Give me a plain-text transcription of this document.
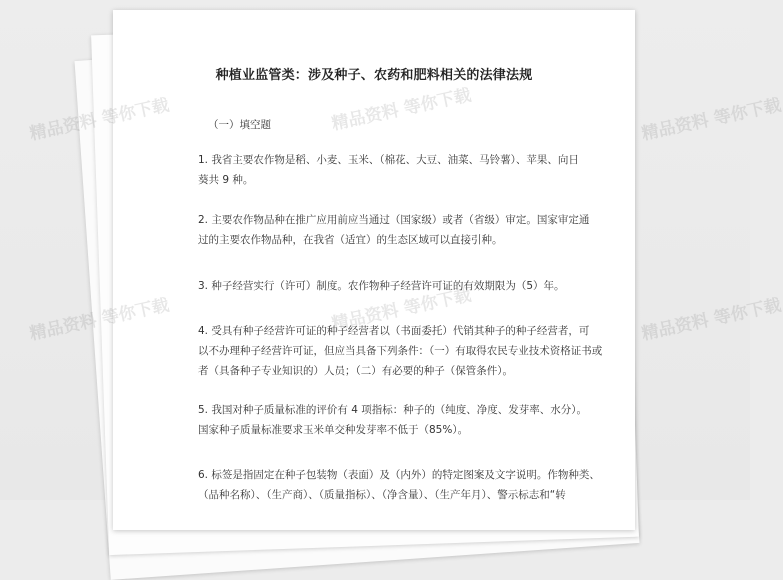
种植业监管类：涉及种子、农药和肥料相关的法律法规
（一）填空题

1. 我省主要农作物是稻、小麦、玉米、（棉花、大豆、油菜、马铃薯）、苹果、向日
葵共 9 种。

2. 主要农作物品种在推广应用前应当通过（国家级）或者（省级）审定。国家审定通
过的主要农作物品种，在我省（适宜）的生态区域可以直接引种。

3. 种子经营实行（许可）制度。农作物种子经营许可证的有效期限为（5）年。

4. 受具有种子经营许可证的种子经营者以（书面委托）代销其种子的种子经营者，可
以不办理种子经营许可证，但应当具备下列条件：（一）有取得农民专业技术资格证书或
者（具备种子专业知识的）人员；（二）有必要的种子（保管条件）。

5. 我国对种子质量标准的评价有 4 项指标：种子的（纯度、净度、发芽率、水分）。
国家种子质量标准要求玉米单交种发芽率不低于（85%）。

6. 标签是指固定在种子包装物（表面）及（内外）的特定图案及文字说明。作物种类、
（品种名称）、（生产商）、（质量指标）、（净含量）、（生产年月）、警示标志和“转

精品资料	精品资料 等你下载
精品资料	精品资料 等你下载
